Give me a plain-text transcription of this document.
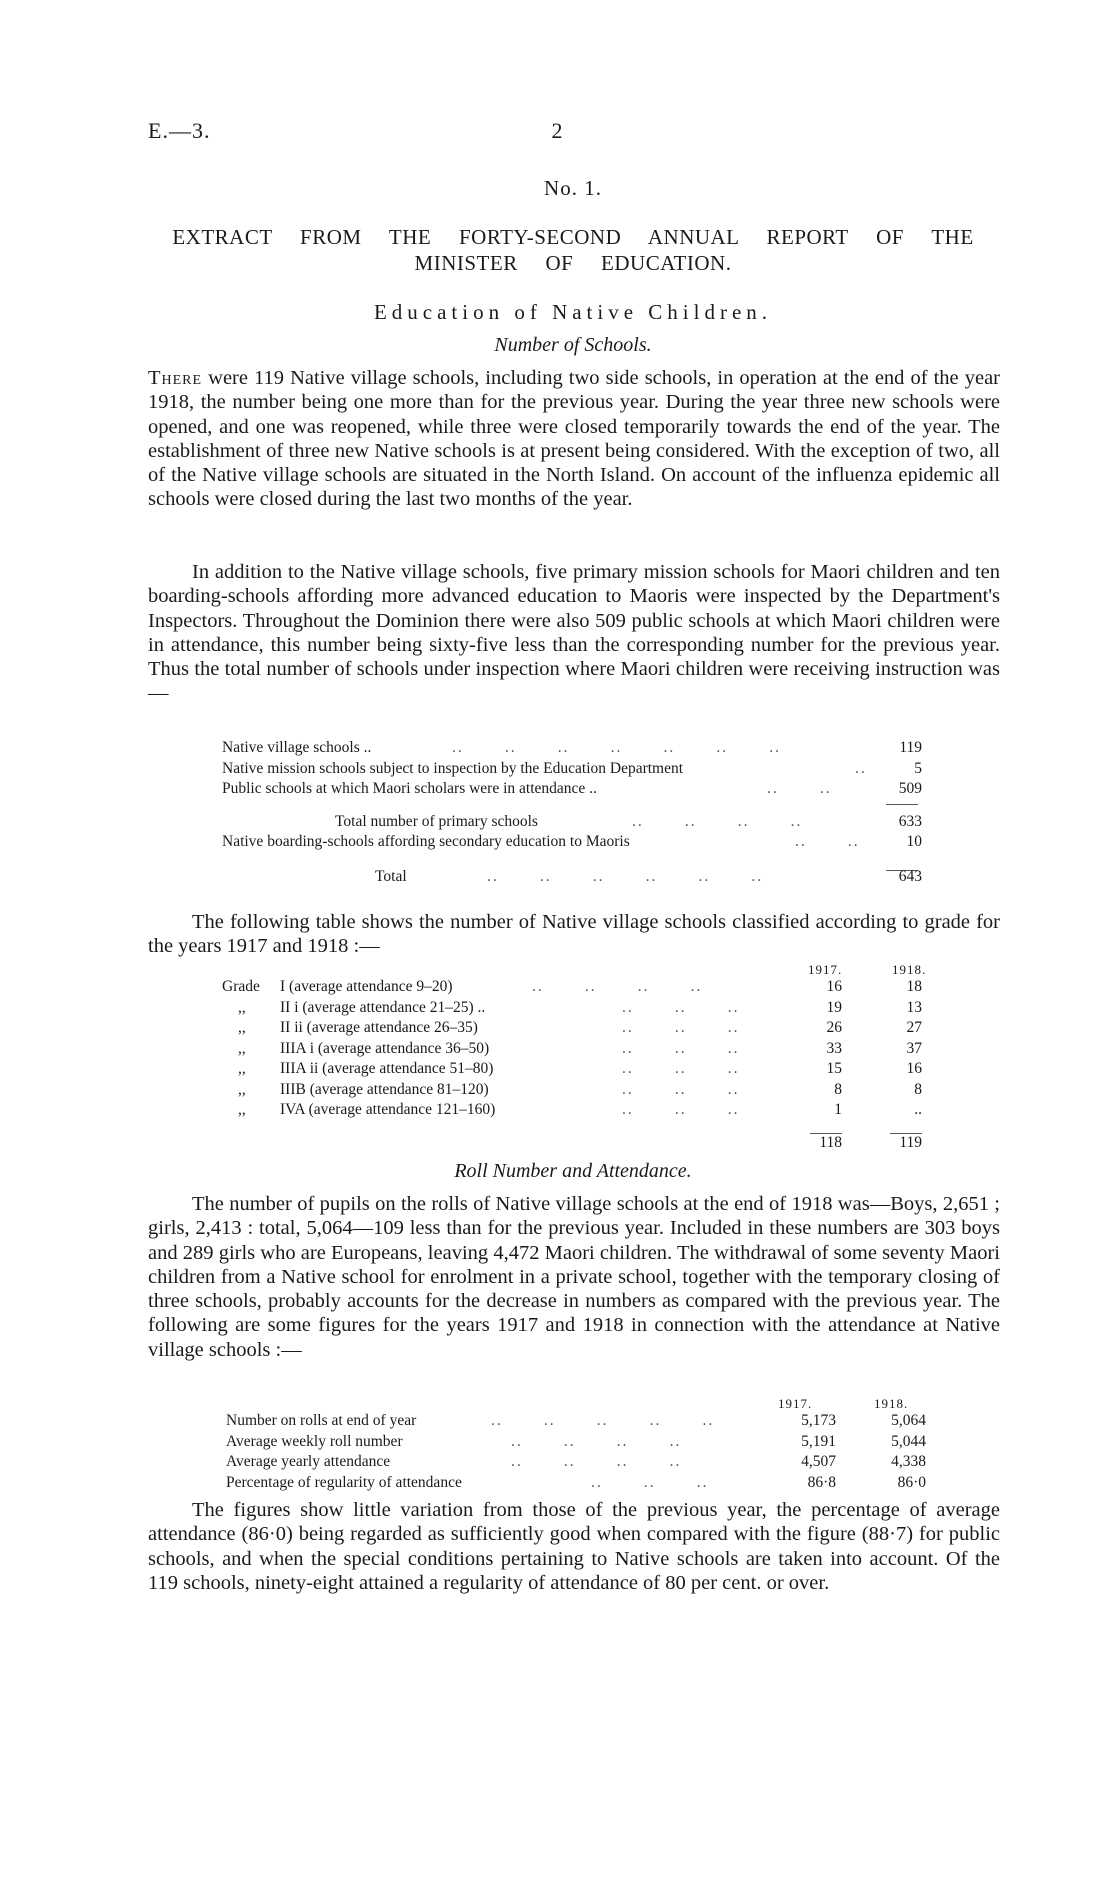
E.—3.	2
No. 1.
EXTRACT FROM THE FORTY-SECOND ANNUAL REPORT OF THE
MINISTER OF EDUCATION.
Education of Native Children.
Number of Schools.

There were 119 Native village schools, including two side schools, in operation at the end of the year 1918, the number being one more than for the previous year. During the year three new schools were opened, and one was reopened, while three were closed temporarily towards the end of the year. The establishment of three new Native schools is at present being considered. With the exception of two, all of the Native village schools are situated in the North Island. On account of the influenza epidemic all schools were closed during the last two months of the year.

In addition to the Native village schools, five primary mission schools for Maori children and ten boarding-schools affording more advanced education to Maoris were inspected by the Department's Inspectors. Throughout the Dominion there were also 509 public schools at which Maori children were in attendance, this number being sixty-five less than the corresponding number for the previous year. Thus the total number of schools under inspection where Maori children were receiving instruction was—

Native village schools ..	..       ..       ..       ..       ..       ..       ..	119
Native mission schools subject to inspection by the Education Department	..	5
Public schools at which Maori scholars were in attendance ..	..       ..	509
Total number of primary schools	..       ..       ..       ..	633
Native boarding-schools affording secondary education to Maoris	..       ..	10
Total	..       ..       ..       ..       ..       ..	643

The following table shows the number of Native village schools classified according to grade for the years 1917 and 1918 :—

1917.	1918.
Grade I (average attendance 9–20)	..       ..       ..       ..	16	18
,, II i (average attendance 21–25) ..	..       ..       ..	19	13
,, II ii (average attendance 26–35)	..       ..       ..	26	27
,, IIIA i (average attendance 36–50)	..       ..       ..	33	37
,, IIIA ii (average attendance 51–80)	..       ..       ..	15	16
,, IIIB (average attendance 81–120)	..       ..       ..	8	8
,, IVA (average attendance 121–160)	..       ..       ..	1	..
118	119
Roll Number and Attendance.

The number of pupils on the rolls of Native village schools at the end of 1918 was—Boys, 2,651 ; girls, 2,413 : total, 5,064—109 less than for the previous year. Included in these numbers are 303 boys and 289 girls who are Europeans, leaving 4,472 Maori children. The withdrawal of some seventy Maori children from a Native school for enrolment in a private school, together with the temporary closing of three schools, probably accounts for the decrease in numbers as compared with the previous year. The following are some figures for the years 1917 and 1918 in connection with the attendance at Native village schools :—

1917.	1918.
Number on rolls at end of year	..       ..       ..       ..       ..	5,173	5,064
Average weekly roll number	..       ..       ..       ..	5,191	5,044
Average yearly attendance	..       ..       ..       ..	4,507	4,338
Percentage of regularity of attendance	..       ..       ..	86·8	86·0

The figures show little variation from those of the previous year, the percentage of average attendance (86·0) being regarded as sufficiently good when compared with the figure (88·7) for public schools, and when the special conditions pertaining to Native schools are taken into account. Of the 119 schools, ninety-eight attained a regularity of attendance of 80 per cent. or over.
